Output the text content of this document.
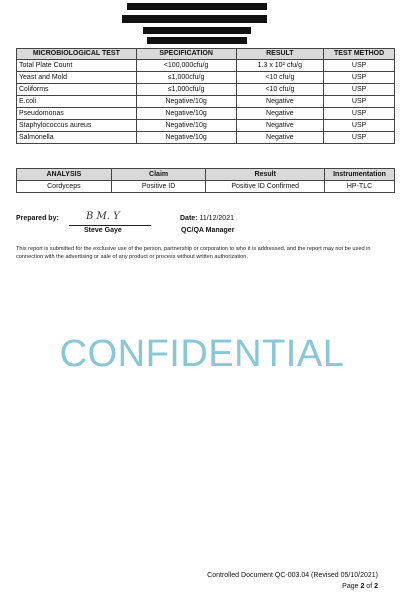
MICROBIOLOGICAL TEST	SPECIFICATION	RESULT	TEST METHOD
Total Plate Count	<100,000cfu/g	1.3 x 10² cfu/g	USP
Yeast and Mold	≤1,000cfu/g	<10 cfu/g	USP
Coliforms	≤1,000cfu/g	<10 cfu/g	USP
E.coli	Negative/10g	Negative	USP
Pseudomonas	Negative/10g	Negative	USP
Staphylococcus aureus	Negative/10g	Negative	USP
Salmonella	Negative/10g	Negative	USP
ANALYSIS	Claim	Result	Instrumentation
Cordyceps	Positive ID	Positive ID Confirmed	HP-TLC
Prepared by:	B M. Y
Steve Gaye
Date: 11/12/2021
QC/QA Manager
This report is submitted for the exclusive use of the person, partnership or corporation to who it is addressed, and the report may not be used in connection with the advertising or sale of any product or process without written authorization.
CONFIDENTIAL
Controlled Document QC-003.04 (Revised 05/10/2021)
Page 2 of 2
